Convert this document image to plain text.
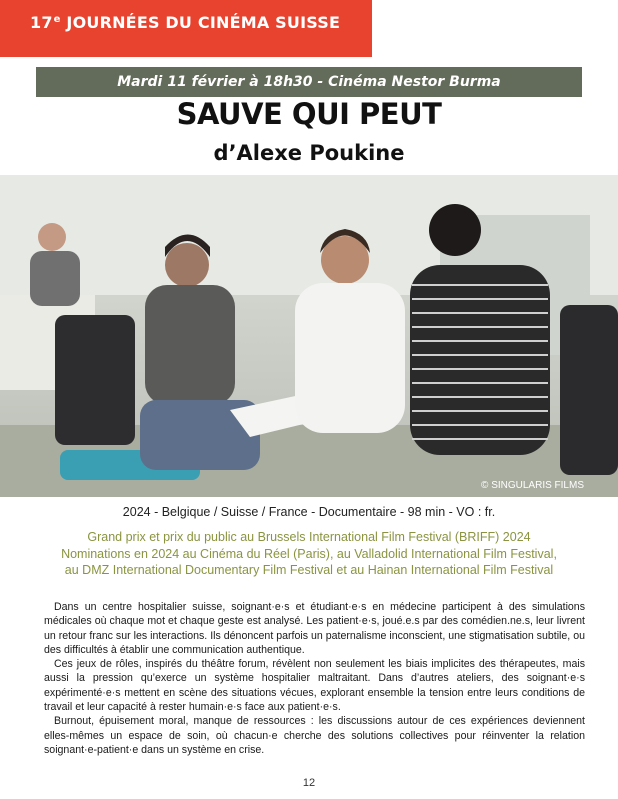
17e JOURNÉES DU CINÉMA SUISSE
Mardi 11 février à 18h30 - Cinéma Nestor Burma
SAUVE QUI PEUT
d’Alexe Poukine
© SINGULARIS FILMS
2024 - Belgique / Suisse / France - Documentaire - 98 min - VO : fr.
Grand prix et prix du public au Brussels International Film Festival (BRIFF) 2024
Nominations en 2024 au Cinéma du Réel (Paris), au Valladolid International Film Festival,
au DMZ International Documentary Film Festival et au Hainan International Film Festival

Dans un centre hospitalier suisse, soignant·e·s et étudiant·e·s en médecine participent à des simulations médicales où chaque mot et chaque geste est analysé. Les patient·e·s, joué.e.s par des comédien.ne.s, leur livrent un retour franc sur les interactions. Ils dénoncent parfois un paternalisme inconscient, une stigmatisation subtile, ou des difficultés à établir une communication authentique.

Ces jeux de rôles, inspirés du théâtre forum, révèlent non seulement les biais implicites des thérapeutes, mais aussi la pression qu’exerce un système hospitalier maltraitant. Dans d’autres ateliers, des soignant·e·s expérimenté·e·s mettent en scène des situations vécues, explorant ensemble la tension entre leurs conditions de travail et leur capacité à rester humain·e·s face aux patient·e·s.

Burnout, épuisement moral, manque de ressources : les discussions autour de ces expériences deviennent elles-mêmes un espace de soin, où chacun·e cherche des solutions collectives pour réinventer la relation soignant·e-patient·e dans un système en crise.

12
